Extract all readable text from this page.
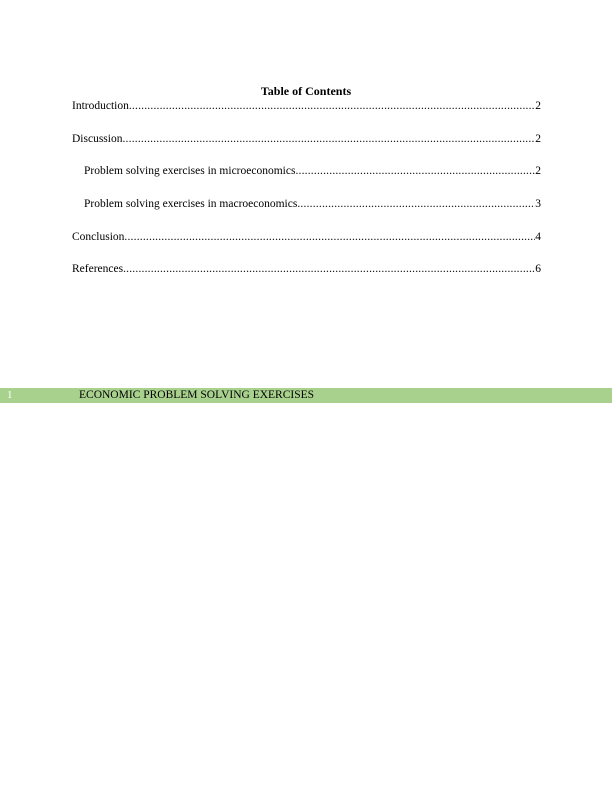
Table of Contents
Introduction .....	2
Discussion .....	2
Problem solving exercises in microeconomics .....	2
Problem solving exercises in macroeconomics .....	3
Conclusion .....	4
References .....	6
1	ECONOMIC PROBLEM SOLVING EXERCISES
